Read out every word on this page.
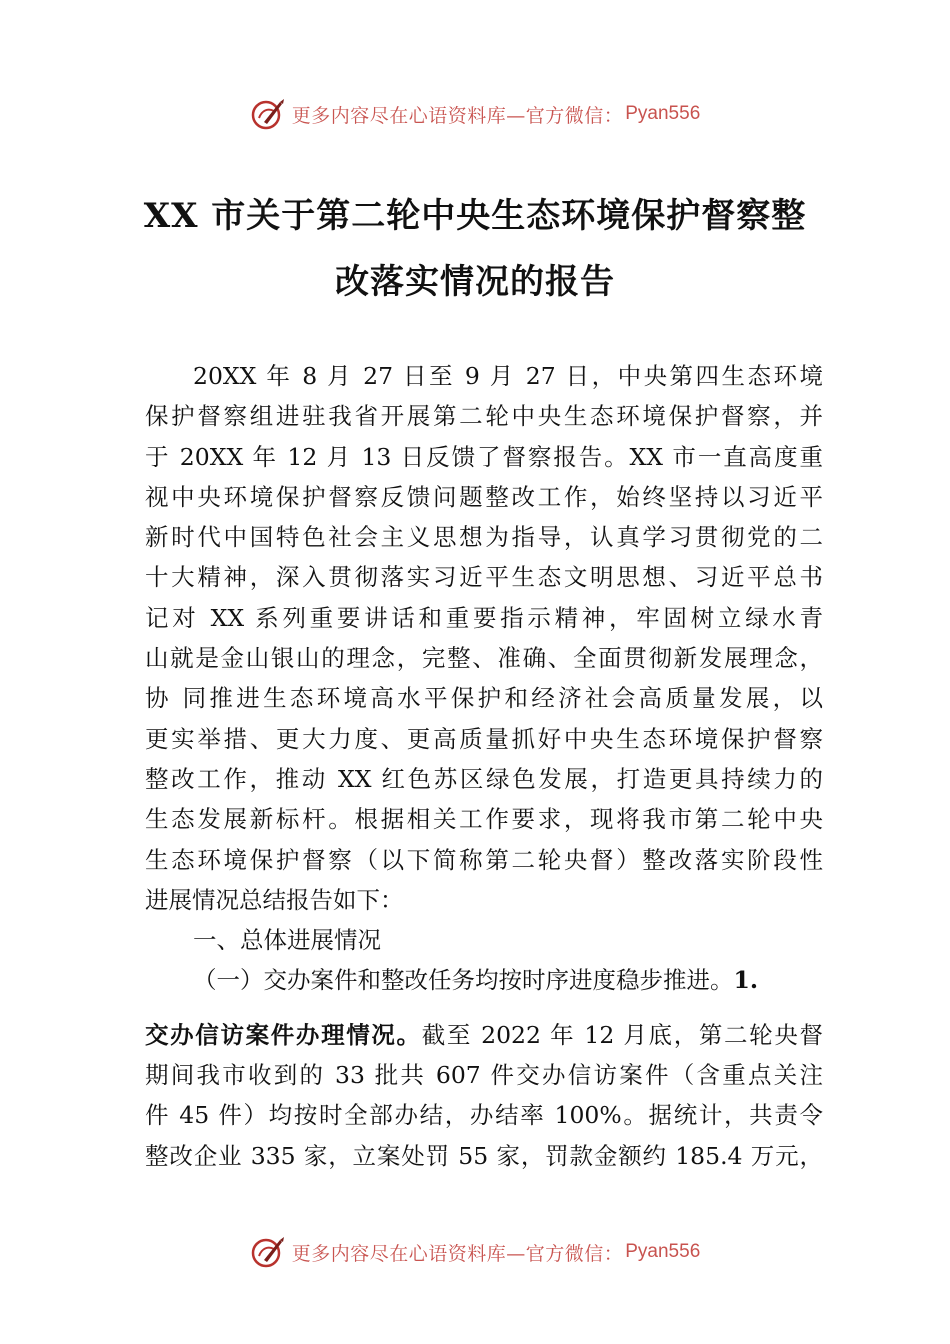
更多内容尽在心语资料库—官方微信： Pyan556
XX 市关于第二轮中央生态环境保护督察整
改落实情况的报告
20XX 年 8 月 27 日至 9 月 27 日，中央第四生态环境
保护督察组进驻我省开展第二轮中央生态环境保护督察，并
于 20XX 年 12 月 13 日反馈了督察报告。XX 市一直高度重
视中央环境保护督察反馈问题整改工作，始终坚持以习近平
新时代中国特色社会主义思想为指导，认真学习贯彻党的二
十大精神，深入贯彻落实习近平生态文明思想、习近平总书
记对 XX 系列重要讲话和重要指示精神，牢固树立绿水青
山就是金山银山的理念，完整、准确、全面贯彻新发展理念，
协 同推进生态环境高水平保护和经济社会高质量发展，以
更实举措、更大力度、更高质量抓好中央生态环境保护督察
整改工作，推动 XX 红色苏区绿色发展，打造更具持续力的
生态发展新标杆。根据相关工作要求，现将我市第二轮中央
生态环境保护督察（以下简称第二轮央督）整改落实阶段性
进展情况总结报告如下：
一、总体进展情况
（一）交办案件和整改任务均按时序进度稳步推进。1.
交办信访案件办理情况。截至 2022 年 12 月底，第二轮央督
期间我市收到的 33 批共 607 件交办信访案件（含重点关注
件 45 件）均按时全部办结，办结率 100%。据统计，共责令
整改企业 335 家，立案处罚 55 家，罚款金额约 185.4 万元，
更多内容尽在心语资料库—官方微信： Pyan556
